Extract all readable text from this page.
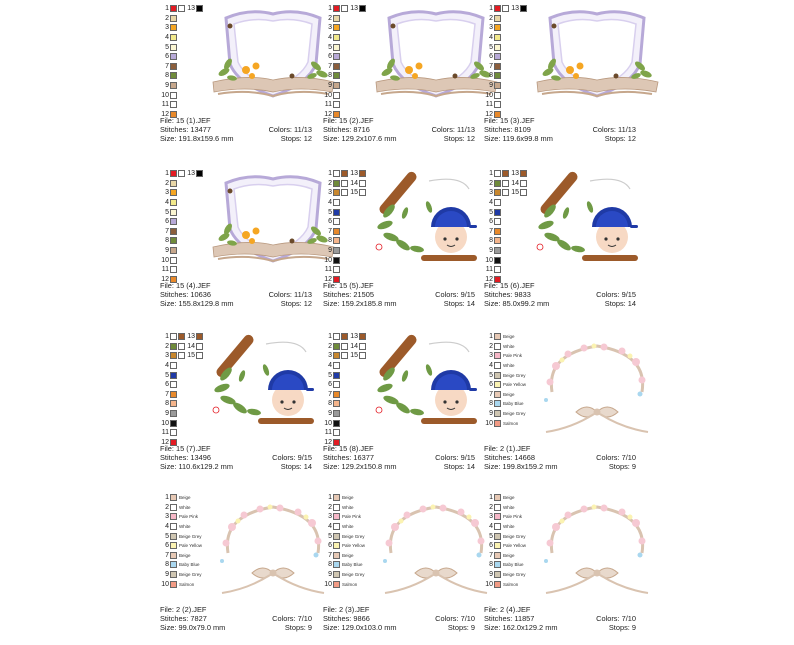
1	13
2
3
4
5
6
7
8
9
10
11
12
File: 15 (1).JEF
Stitches: 13477
Size: 191.8x159.6 mm
Colors: 11/13
Stops: 12
1	13
2
3
4
5
6
7
8
9
10
11
12
File: 15 (2).JEF
Stitches: 8716
Size: 129.2x107.6 mm
Colors: 11/13
Stops: 12
1	13
2
3
4
5
6
7
8
9
10
11
12
File: 15 (3).JEF
Stitches: 8109
Size: 119.6x99.8 mm
Colors: 11/13
Stops: 12
1	13
2
3
4
5
6
7
8
9
10
11
12
File: 15 (4).JEF
Stitches: 10636
Size: 155.8x129.8 mm
Colors: 11/13
Stops: 12
1	13
2	14
3	15
4
5
6
7
8
9
10
11
12
File: 15 (5).JEF
Stitches: 21505
Size: 159.2x185.8 mm
Colors: 9/15
Stops: 14
1	13
2	14
3	15
4
5
6
7
8
9
10
11
12
File: 15 (6).JEF
Stitches: 9833
Size: 85.0x99.2 mm
Colors: 9/15
Stops: 14
1	13
2	14
3	15
4
5
6
7
8
9
10
11
12
File: 15 (7).JEF
Stitches: 13496
Size: 110.6x129.2 mm
Colors: 9/15
Stops: 14
1	13
2	14
3	15
4
5
6
7
8
9
10
11
12
File: 15 (8).JEF
Stitches: 16377
Size: 129.2x150.8 mm
Colors: 9/15
Stops: 14
1 Beige
2 White
3 Pale Pink
4 White
5 Beige Grey
6 Pale Yellow
7 Beige
8 Baby Blue
9 Beige Grey
10 Salmon
File: 2 (1).JEF
Stitches: 14668
Size: 199.8x159.2 mm
Colors: 7/10
Stops: 9
1 Beige
2 White
3 Pale Pink
4 White
5 Beige Grey
6 Pale Yellow
7 Beige
8 Baby Blue
9 Beige Grey
10 Salmon
File: 2 (2).JEF
Stitches: 7827
Size: 99.0x79.0 mm
Colors: 7/10
Stops: 9
1 Beige
2 White
3 Pale Pink
4 White
5 Beige Grey
6 Pale Yellow
7 Beige
8 Baby Blue
9 Beige Grey
10 Salmon
File: 2 (3).JEF
Stitches: 9866
Size: 129.0x103.0 mm
Colors: 7/10
Stops: 9
1 Beige
2 White
3 Pale Pink
4 White
5 Beige Grey
6 Pale Yellow
7 Beige
8 Baby Blue
9 Beige Grey
10 Salmon
File: 2 (4).JEF
Stitches: 11857
Size: 162.0x129.2 mm
Colors: 7/10
Stops: 9
